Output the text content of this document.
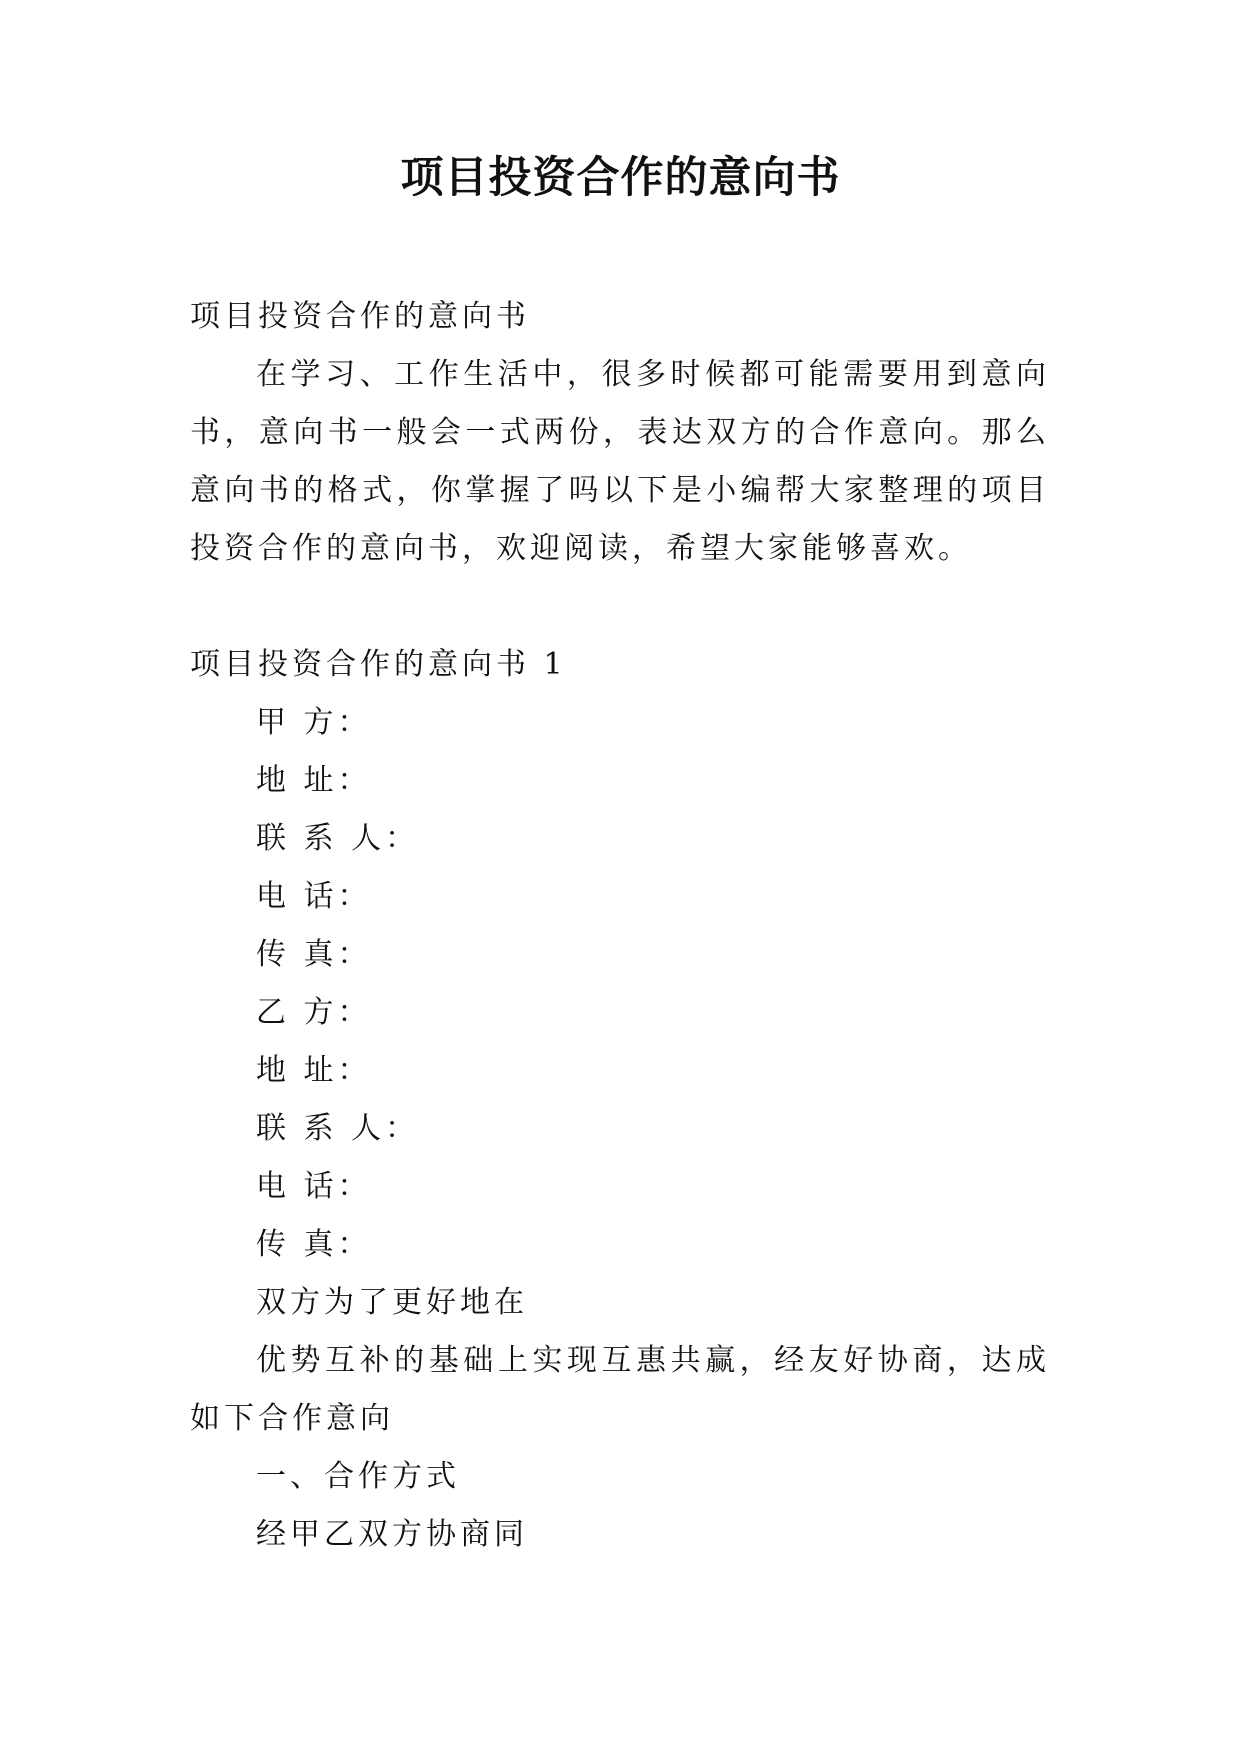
项目投资合作的意向书

项目投资合作的意向书

在学习、工作生活中，很多时候都可能需要用到意向书，意向书一般会一式两份，表达双方的合作意向。那么意向书的格式，你掌握了吗以下是小编帮大家整理的项目投资合作的意向书，欢迎阅读，希望大家能够喜欢。

项目投资合作的意向书 1

甲 方：

地 址：

联 系 人：

电 话：

传 真：

乙 方：

地 址：

联 系 人：

电 话：

传 真：

双方为了更好地在

优势互补的基础上实现互惠共赢，经友好协商，达成如下合作意向

一、合作方式

经甲乙双方协商同
